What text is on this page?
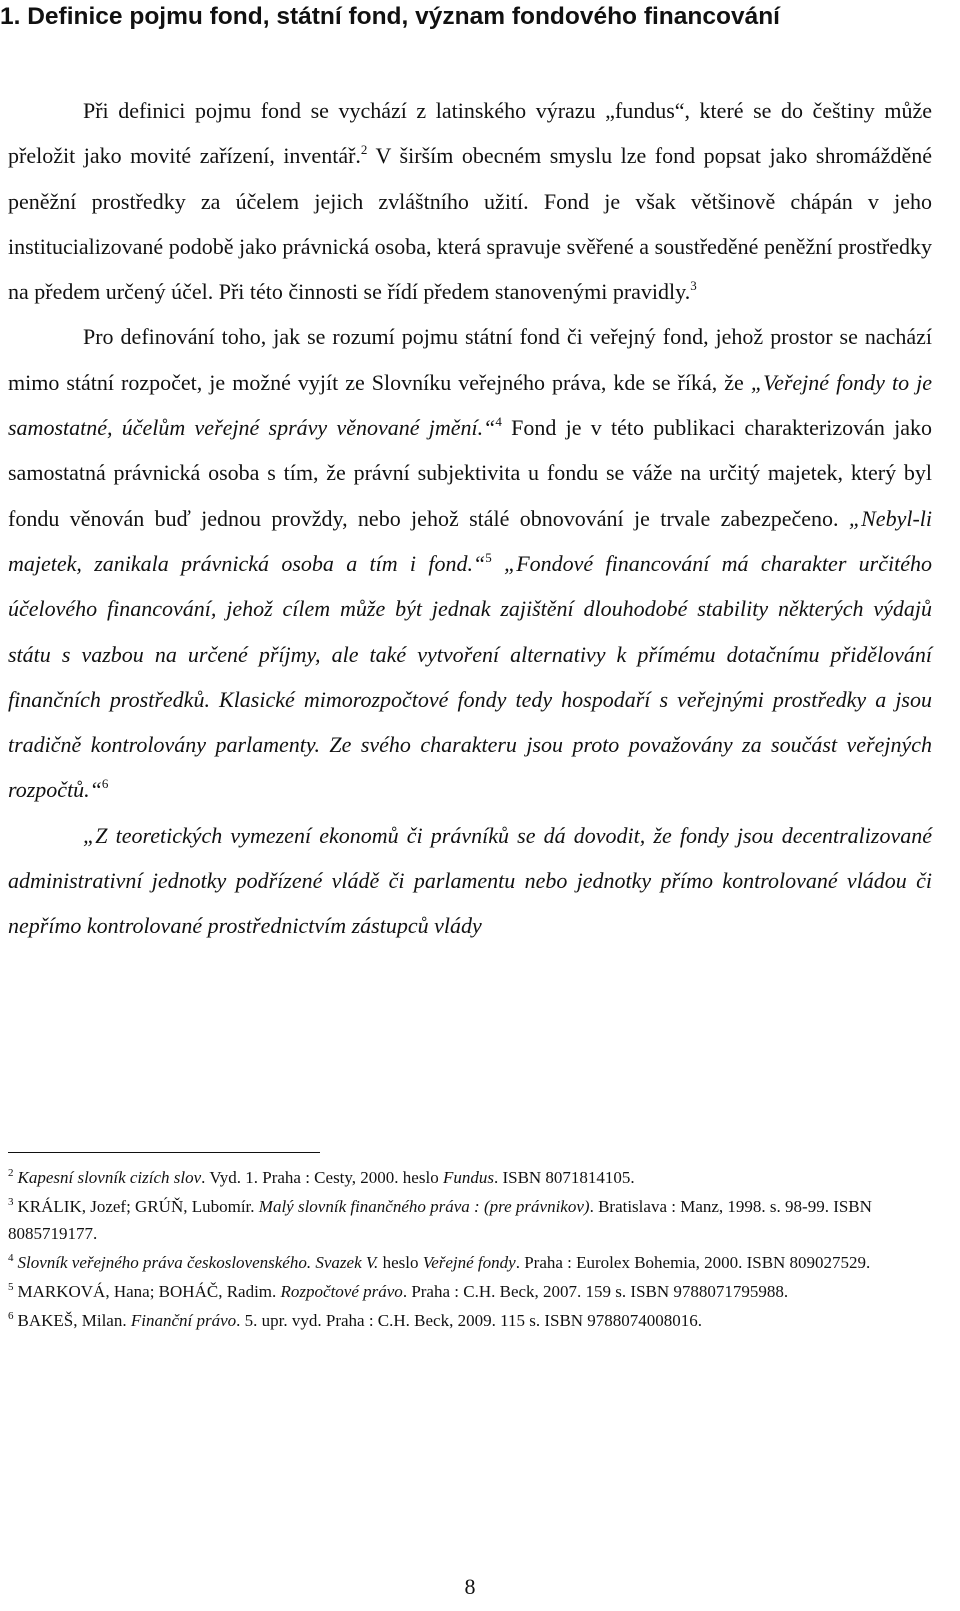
1. Definice pojmu fond, státní fond, význam fondového financování

Při definici pojmu fond se vychází z latinského výrazu „fundus“, které se do češtiny může přeložit jako movité zařízení, inventář.$^2$ V širším obecném smyslu lze fond popsat jako shromážděné peněžní prostředky za účelem jejich zvláštního užití. Fond je však většinově chápán v jeho institucializované podobě jako právnická osoba, která spravuje svěřené a soustředěné peněžní prostředky na předem určený účel. Při této činnosti se řídí předem stanovenými pravidly.$^3$

Pro definování toho, jak se rozumí pojmu státní fond či veřejný fond, jehož prostor se nachází mimo státní rozpočet, je možné vyjít ze Slovníku veřejného práva, kde se říká, že „Veřejné fondy to je samostatné, účelům veřejné správy věnované jmění.“$^4$ Fond je v této publikaci charakterizován jako samostatná právnická osoba s tím, že právní subjektivita u fondu se váže na určitý majetek, který byl fondu věnován buď jednou provždy, nebo jehož stálé obnovování je trvale zabezpečeno. „Nebyl-li majetek, zanikala právnická osoba a tím i fond.“$^5$ „Fondové financování má charakter určitého účelového financování, jehož cílem může být jednak zajištění dlouhodobé stability některých výdajů státu s vazbou na určené příjmy, ale také vytvoření alternativy k přímému dotačnímu přidělování finančních prostředků. Klasické mimorozpočtové fondy tedy hospodaří s veřejnými prostředky a jsou tradičně kontrolovány parlamenty. Ze svého charakteru jsou proto považovány za součást veřejných rozpočtů.“$^6$

„Z teoretických vymezení ekonomů či právníků se dá dovodit, že fondy jsou decentralizované administrativní jednotky podřízené vládě či parlamentu nebo jednotky přímo kontrolované vládou či nepřímo kontrolované prostřednictvím zástupců vlády

$^2$ Kapesní slovník cizích slov. Vyd. 1. Praha : Cesty, 2000. heslo Fundus. ISBN 8071814105.

$^3$ KRÁLIK, Jozef; GRÚŇ, Lubomír. Malý slovník finančného práva : (pre právnikov). Bratislava : Manz, 1998. s. 98-99. ISBN 8085719177.

$^4$ Slovník veřejného práva československého. Svazek V. heslo Veřejné fondy. Praha : Eurolex Bohemia, 2000. ISBN 809027529.

$^5$ MARKOVÁ, Hana; BOHÁČ, Radim. Rozpočtové právo. Praha : C.H. Beck, 2007. 159 s. ISBN 9788071795988.

$^6$ BAKEŠ, Milan. Finanční právo. 5. upr. vyd. Praha : C.H. Beck, 2009. 115 s. ISBN 9788074008016.

8
